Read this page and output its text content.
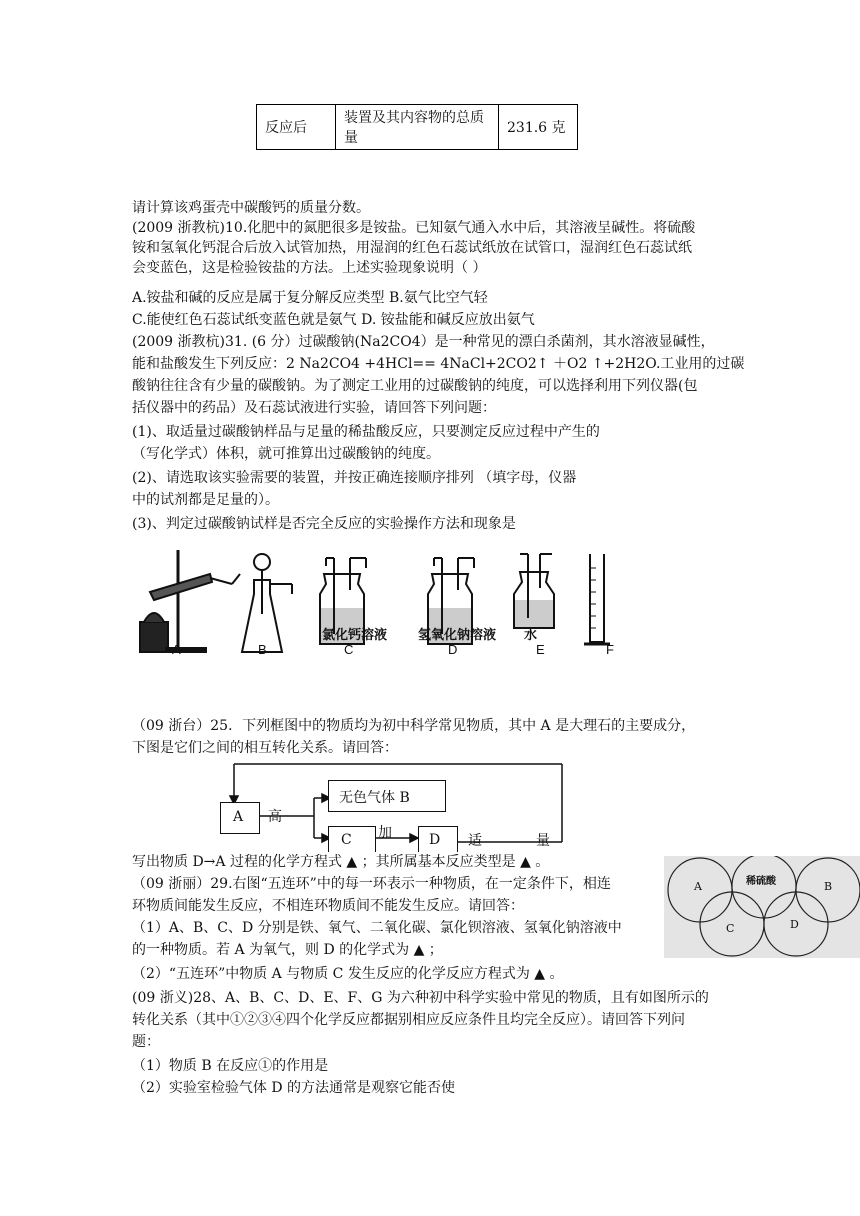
反应后	装置及其内容物的总质量	231.6 克
请计算该鸡蛋壳中碳酸钙的质量分数。
(2009 浙教杭)10.化肥中的氮肥很多是铵盐。已知氨气通入水中后，其溶液呈碱性。将硫酸
铵和氢氧化钙混合后放入试管加热，用湿润的红色石蕊试纸放在试管口，湿润红色石蕊试纸
会变蓝色，这是检验铵盐的方法。上述实验现象说明（ ）
A.铵盐和碱的反应是属于复分解反应类型 B.氨气比空气轻
C.能使红色石蕊试纸变蓝色就是氨气 D. 铵盐能和碱反应放出氨气
(2009 浙教杭)31. (6 分）过碳酸钠(Na2CO4）是一种常见的漂白杀菌剂，其水溶液显碱性，
能和盐酸发生下列反应：2 Na2CO4 +4HCl== 4NaCl+2CO2↑ ＋O2 ↑+2H2O.工业用的过碳
酸钠往往含有少量的碳酸钠。为了测定工业用的过碳酸钠的纯度，可以选择利用下列仪器(包
括仪器中的药品）及石蕊试液进行实验，请回答下列问题：
(1)、取适量过碳酸钠样品与足量的稀盐酸反应，只要测定反应过程中产生的
（写化学式）体积，就可推算出过碳酸钠的纯度。
(2)、请选取该实验需要的装置，并按正确连接顺序排列 （填字母，仪器
中的试剂都是足量的）。
(3)、判定过碳酸钠试样是否完全反应的实验操作方法和现象是
氯化钙溶液 氢氧化钠溶液 水
A	B	C	D	E	F
（09 浙台）25．下列框图中的物质均为初中科学常见物质，其中 A 是大理石的主要成分，
下图是它们之间的相互转化关系。请回答：
A
无色气体 B
C	D
高
加	适	量
写出物质 D→A 过程的化学方程式 ▲ ；其所属基本反应类型是 ▲ 。
（09 浙丽）29.右图“五连环”中的每一环表示一种物质，在一定条件下，相连
环物质间能发生反应，不相连环物质间不能发生反应。请回答：
（1）A、B、C、D 分别是铁、氧气、二氧化碳、氯化钡溶液、氢氧化钠溶液中
的一种物质。若 A 为氧气，则 D 的化学式为 ▲ ；
（2）“五连环”中物质 A 与物质 C 发生反应的化学反应方程式为 ▲ 。
(09 浙义)28、A、B、C、D、E、F、G 为六种初中科学实验中常见的物质，且有如图所示的
转化关系（其中①②③④四个化学反应都据别相应反应条件且均完全反应）。请回答下列问
题：
（1）物质 B 在反应①的作用是
（2）实验室检验气体 D 的方法通常是观察它能否使
A	稀硫酸	B
C	D
